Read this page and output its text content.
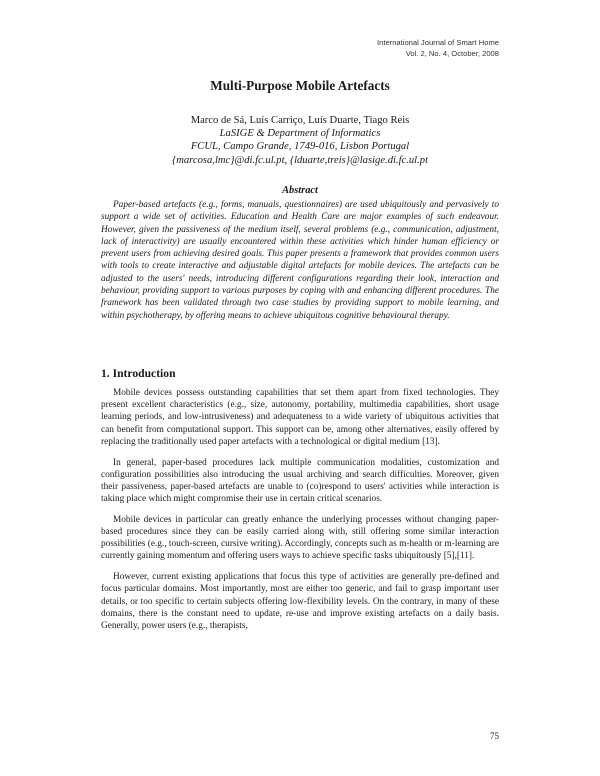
International Journal of Smart Home
Vol. 2, No. 4, October, 2008
Multi-Purpose Mobile Artefacts
Marco de Sá, Luís Carriço, Luís Duarte, Tiago Reis
LaSIGE & Department of Informatics
FCUL, Campo Grande, 1749-016, Lisbon Portugal
{marcosa,lmc}@di.fc.ul.pt, {lduarte,treis}@lasige.di.fc.ul.pt
Abstract

Paper-based artefacts (e.g., forms, manuals, questionnaires) are used ubiquitously and pervasively to support a wide set of activities. Education and Health Care are major examples of such endeavour. However, given the passiveness of the medium itself, several problems (e.g., communication, adjustment, lack of interactivity) are usually encountered within these activities which hinder human efficiency or prevent users from achieving desired goals. This paper presents a framework that provides common users with tools to create interactive and adjustable digital artefacts for mobile devices. The artefacts can be adjusted to the users' needs, introducing different configurations regarding their look, interaction and behaviour, providing support to various purposes by coping with and enhancing different procedures. The framework has been validated through two case studies by providing support to mobile learning, and within psychotherapy, by offering means to achieve ubiquitous cognitive behavioural therapy.

1. Introduction

Mobile devices possess outstanding capabilities that set them apart from fixed technologies. They present excellent characteristics (e.g., size, autonomy, portability, multimedia capabilities, short usage learning periods, and low-intrusiveness) and adequateness to a wide variety of ubiquitous activities that can benefit from computational support. This support can be, among other alternatives, easily offered by replacing the traditionally used paper artefacts with a technological or digital medium [13].

In general, paper-based procedures lack multiple communication modalities, customization and configuration possibilities also introducing the usual archiving and search difficulties. Moreover, given their passiveness, paper-based artefacts are unable to (co)respond to users' activities while interaction is taking place which might compromise their use in certain critical scenarios.

Mobile devices in particular can greatly enhance the underlying processes without changing paper-based procedures since they can be easily carried along with, still offering some similar interaction possibilities (e.g., touch-screen, cursive writing). Accordingly, concepts such as m-health or m-learning are currently gaining momentum and offering users ways to achieve specific tasks ubiquitously [5],[11].

However, current existing applications that focus this type of activities are generally pre-defined and focus particular domains. Most importantly, most are either too generic, and fail to grasp important user details, or too specific to certain subjects offering low-flexibility levels. On the contrary, in many of these domains, there is the constant need to update, re-use and improve existing artefacts on a daily basis. Generally, power users (e.g., therapists,

75
